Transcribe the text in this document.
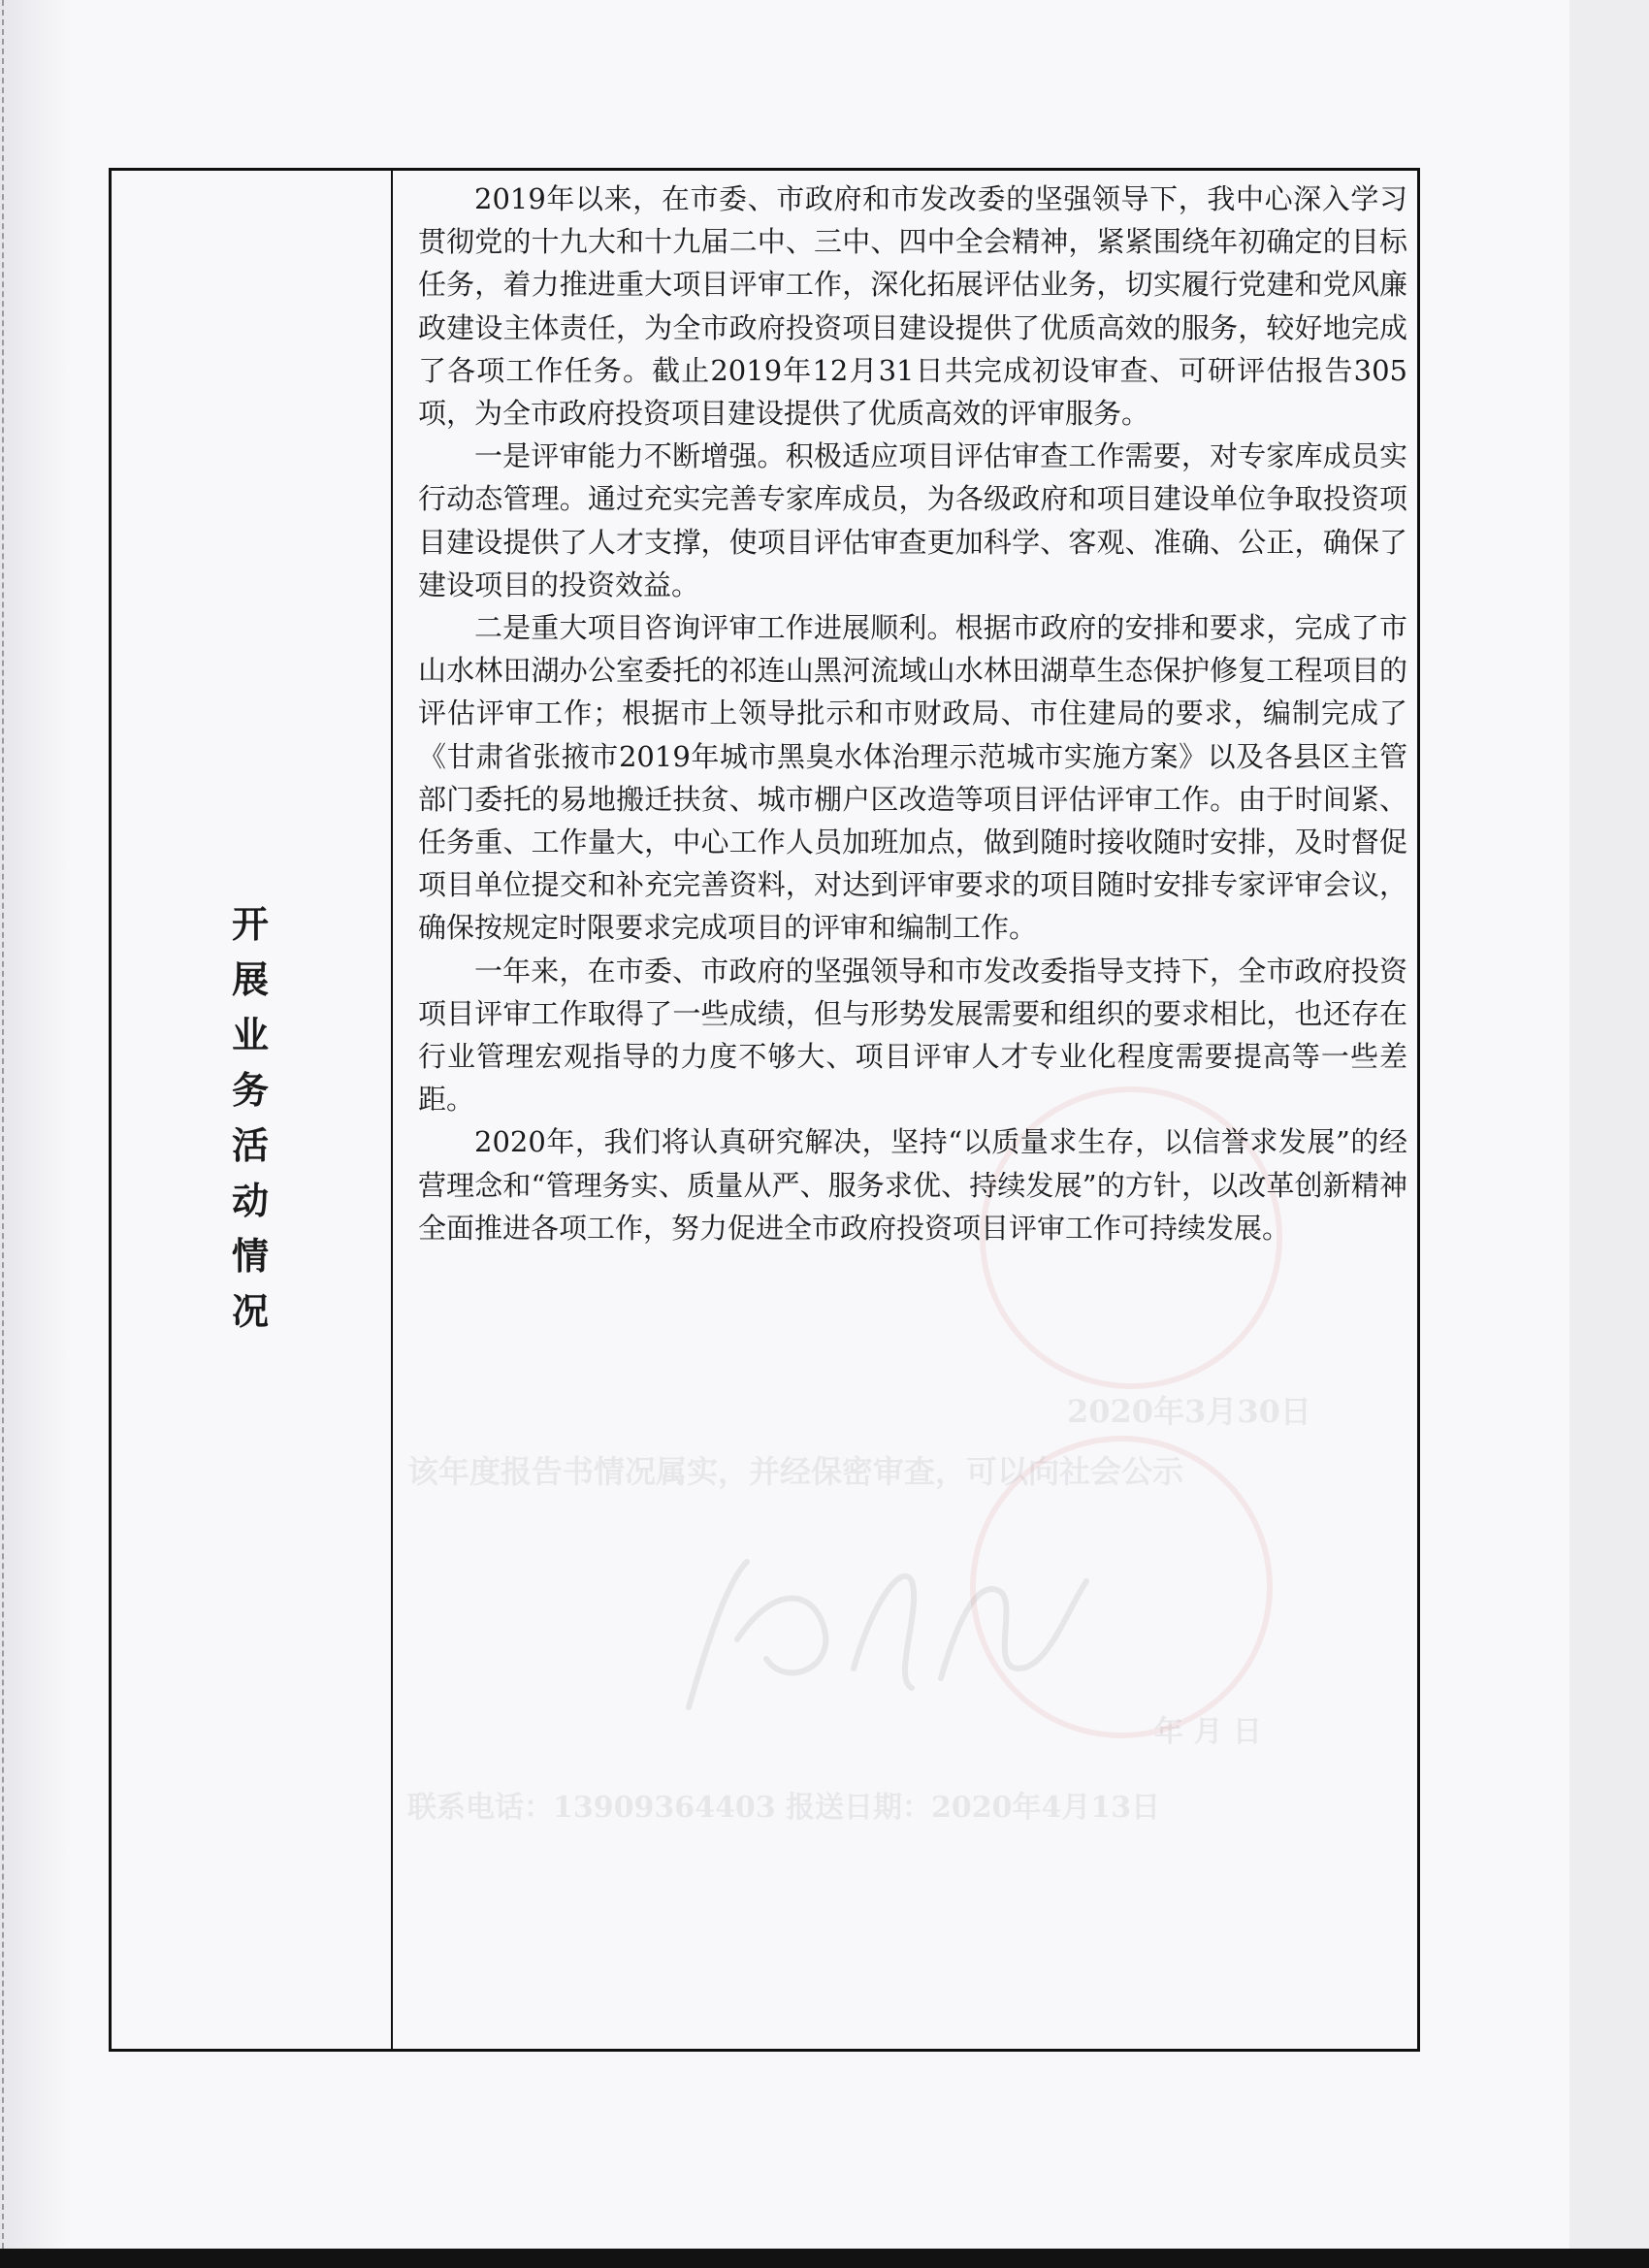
2020年3月30日
该年度报告书情况属实，并经保密审查，可以向社会公示
年 月 日
联系电话：13909364403 报送日期：2020年4月13日
开展业务活动情况

2019年以来，在市委、市政府和市发改委的坚强领导下，我中心深入学习贯彻党的十九大和十九届二中、三中、四中全会精神，紧紧围绕年初确定的目标任务，着力推进重大项目评审工作，深化拓展评估业务，切实履行党建和党风廉政建设主体责任，为全市政府投资项目建设提供了优质高效的服务，较好地完成了各项工作任务。截止2019年12月31日共完成初设审查、可研评估报告305项，为全市政府投资项目建设提供了优质高效的评审服务。

一是评审能力不断增强。积极适应项目评估审查工作需要，对专家库成员实行动态管理。通过充实完善专家库成员，为各级政府和项目建设单位争取投资项目建设提供了人才支撑，使项目评估审查更加科学、客观、准确、公正，确保了建设项目的投资效益。

二是重大项目咨询评审工作进展顺利。根据市政府的安排和要求，完成了市山水林田湖办公室委托的祁连山黑河流域山水林田湖草生态保护修复工程项目的评估评审工作；根据市上领导批示和市财政局、市住建局的要求，编制完成了《甘肃省张掖市2019年城市黑臭水体治理示范城市实施方案》以及各县区主管部门委托的易地搬迁扶贫、城市棚户区改造等项目评估评审工作。由于时间紧、任务重、工作量大，中心工作人员加班加点，做到随时接收随时安排，及时督促项目单位提交和补充完善资料，对达到评审要求的项目随时安排专家评审会议，确保按规定时限要求完成项目的评审和编制工作。

一年来，在市委、市政府的坚强领导和市发改委指导支持下，全市政府投资项目评审工作取得了一些成绩，但与形势发展需要和组织的要求相比，也还存在行业管理宏观指导的力度不够大、项目评审人才专业化程度需要提高等一些差距。

2020年，我们将认真研究解决，坚持“以质量求生存，以信誉求发展”的经营理念和“管理务实、质量从严、服务求优、持续发展”的方针，以改革创新精神全面推进各项工作，努力促进全市政府投资项目评审工作可持续发展。
